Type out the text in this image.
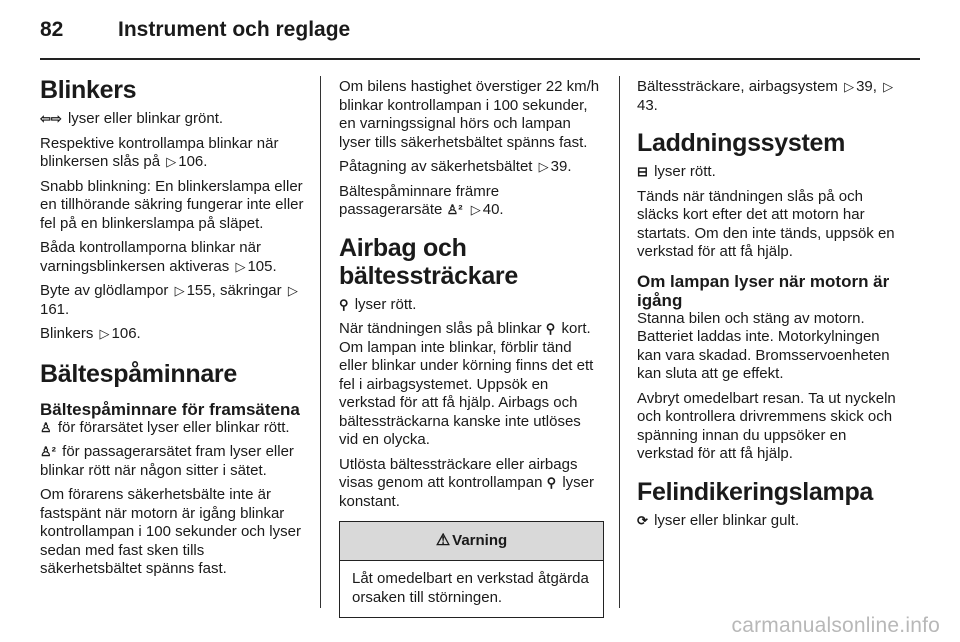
82	Instrument och reglage
Blinkers

⇦⇨ lyser eller blinkar grönt.

Respektive kontrollampa blinkar när blinkersen slås på ▷ 106.

Snabb blinkning: En blinkerslampa eller en tillhörande säkring fungerar inte eller fel på en blinkerslampa på släpet.

Båda kontrollamporna blinkar när varningsblinkersen aktiveras ▷ 105.

Byte av glödlampor ▷ 155, säkringar ▷161.

Blinkers ▷ 106.

Bältespåminnare
Bältespåminnare för framsätena

♙ för förarsätet lyser eller blinkar rött.

♙² för passagerarsätet fram lyser eller blinkar rött när någon sitter i sätet.

Om förarens säkerhetsbälte inte är fastspänt när motorn är igång blinkar kontrollampan i 100 sekunder och lyser sedan med fast sken tills säkerhetsbältet spänns fast.

Om bilens hastighet överstiger 22 km/h blinkar kontrollampan i 100 sekunder, en varningssignal hörs och lampan lyser tills säkerhetsbältet spänns fast.

Påtagning av säkerhetsbältet ▷ 39.

Bältespåminnare främre passagerarsäte ♙² ▷ 40.

Airbag och bältessträckare

⚲ lyser rött.

När tändningen slås på blinkar ⚲ kort. Om lampan inte blinkar, förblir tänd eller blinkar under körning finns det ett fel i airbagsystemet. Uppsök en verkstad för att få hjälp. Airbags och bältessträckarna kanske inte utlöses vid en olycka.

Utlösta bältessträckare eller airbags visas genom att kontrollampan ⚲ lyser konstant.

⚠ Varning
Låt omedelbart en verkstad åtgärda orsaken till störningen.

Bältessträckare, airbagsystem ▷ 39, ▷43.

Laddningssystem

⊟ lyser rött.

Tänds när tändningen slås på och släcks kort efter det att motorn har startats. Om den inte tänds, uppsök en verkstad för att få hjälp.

Om lampan lyser när motorn är igång

Stanna bilen och stäng av motorn. Batteriet laddas inte. Motorkylningen kan vara skadad. Bromsservoenheten kan sluta att ge effekt.

Avbryt omedelbart resan. Ta ut nyckeln och kontrollera drivremmens skick och spänning innan du uppsöker en verkstad för att få hjälp.

Felindikeringslampa

⟳ lyser eller blinkar gult.

carmanualsonline.info
